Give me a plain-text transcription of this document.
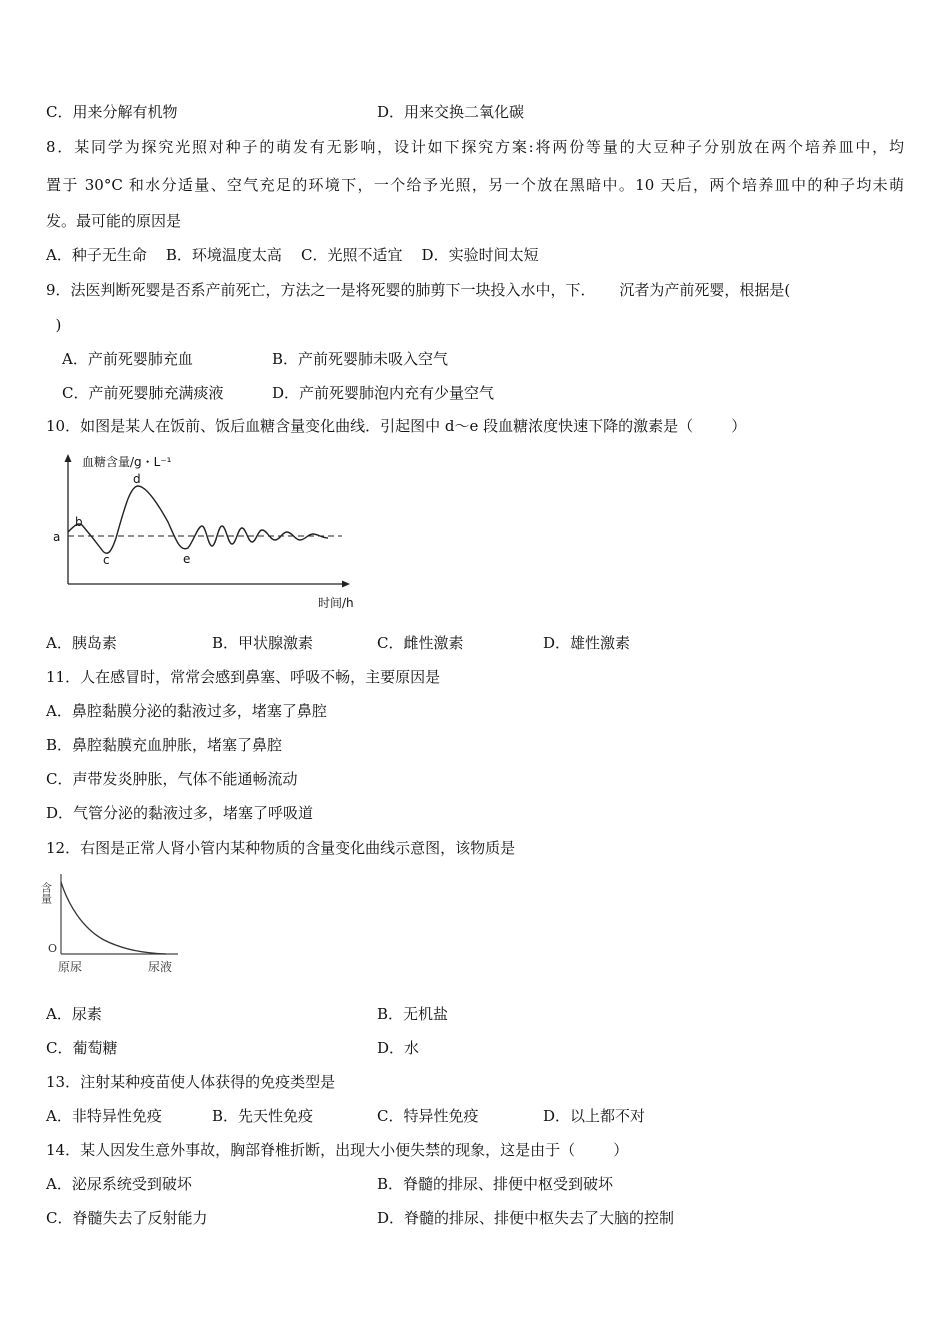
C．用来分解有机物	D．用来交换二氧化碳
8．某同学为探究光照对种子的萌发有无影响，设计如下探究方案:将两份等量的大豆种子分别放在两个培养皿中，均
置于 30°C 和水分适量、空气充足的环境下，一个给予光照，另一个放在黑暗中。10 天后，两个培养皿中的种子均未萌
发。最可能的原因是
A．种子无生命    B．环境温度太高    C．光照不适宜    D．实验时间太短
9．法医判断死婴是否系产前死亡，方法之一是将死婴的肺剪下一块投入水中，下．     沉者为产前死婴，根据是(
)
A．产前死婴肺充血	B．产前死婴肺未吸入空气
C．产前死婴肺充满痰液	D．产前死婴肺泡内充有少量空气
10．如图是某人在饭前、饭后血糖含量变化曲线．引起图中 d～e 段血糖浓度快速下降的激素是（        ）
血糖含量/g・L⁻¹
时间/h
a
b
c
d
e
A．胰岛素	B．甲状腺激素	C．雌性激素	D．雄性激素
11．人在感冒时，常常会感到鼻塞、呼吸不畅，主要原因是
A．鼻腔黏膜分泌的黏液过多，堵塞了鼻腔
B．鼻腔黏膜充血肿胀，堵塞了鼻腔
C．声带发炎肿胀，气体不能通畅流动
D．气管分泌的黏液过多，堵塞了呼吸道
12．右图是正常人肾小管内某种物质的含量变化曲线示意图，该物质是
含量
O
原尿	尿液
A．尿素	B．无机盐
C．葡萄糖	D．水
13．注射某种疫苗使人体获得的免疫类型是
A．非特异性免疫	B．先天性免疫	C．特异性免疫	D．以上都不对
14．某人因发生意外事故，胸部脊椎折断，出现大小便失禁的现象，这是由于（        ）
A．泌尿系统受到破坏	B．脊髓的排尿、排便中枢受到破坏
C．脊髓失去了反射能力	D．脊髓的排尿、排便中枢失去了大脑的控制
